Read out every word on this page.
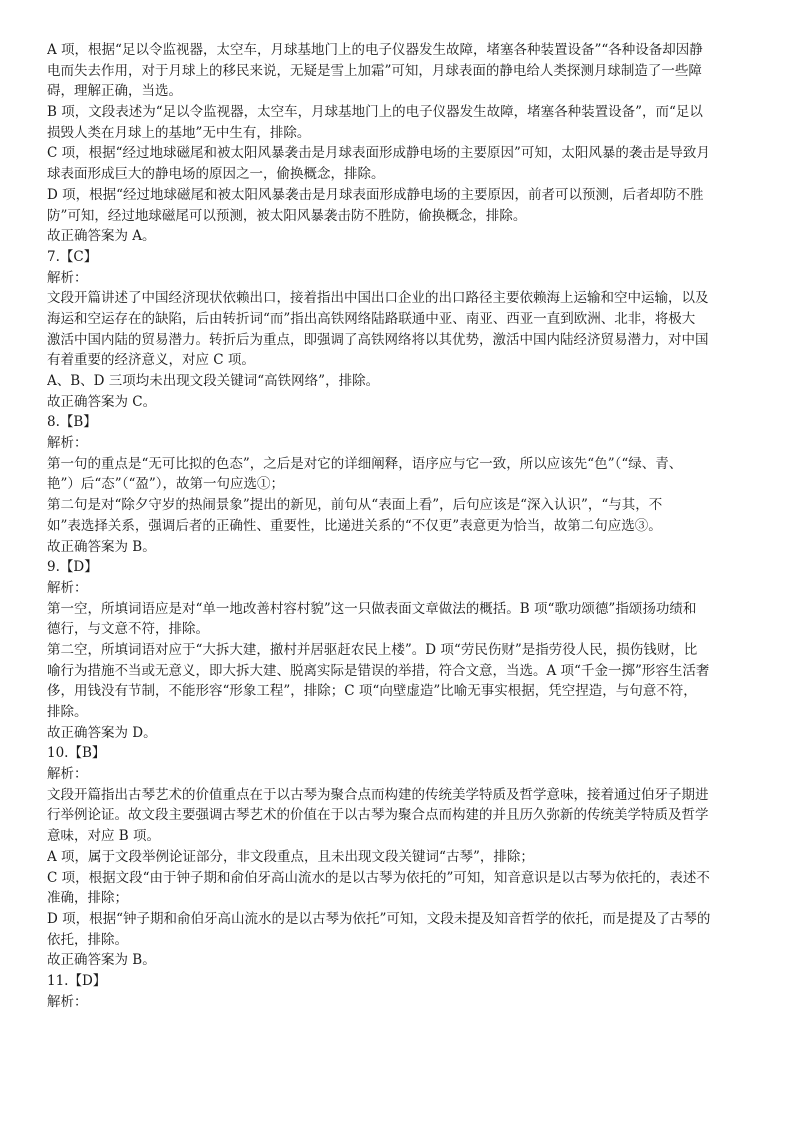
A 项，根据“足以令监视器，太空车，月球基地门上的电子仪器发生故障，堵塞各种装置设备”“各种设备却因静
电而失去作用，对于月球上的移民来说，无疑是雪上加霜”可知，月球表面的静电给人类探测月球制造了一些障
碍，理解正确，当选。
B 项，文段表述为“足以令监视器，太空车，月球基地门上的电子仪器发生故障，堵塞各种装置设备”，而“足以
损毁人类在月球上的基地”无中生有，排除。
C 项，根据“经过地球磁尾和被太阳风暴袭击是月球表面形成静电场的主要原因”可知，太阳风暴的袭击是导致月
球表面形成巨大的静电场的原因之一，偷换概念，排除。
D 项，根据“经过地球磁尾和被太阳风暴袭击是月球表面形成静电场的主要原因，前者可以预测，后者却防不胜
防”可知，经过地球磁尾可以预测，被太阳风暴袭击防不胜防，偷换概念，排除。
故正确答案为 A。
7.【C】
解析：
文段开篇讲述了中国经济现状依赖出口，接着指出中国出口企业的出口路径主要依赖海上运输和空中运输，以及
海运和空运存在的缺陷，后由转折词“而”指出高铁网络陆路联通中亚、南亚、西亚一直到欧洲、北非，将极大
激活中国内陆的贸易潜力。转折后为重点，即强调了高铁网络将以其优势，激活中国内陆经济贸易潜力，对中国
有着重要的经济意义，对应 C 项。
A、B、D 三项均未出现文段关键词“高铁网络”，排除。
故正确答案为 C。
8.【B】
解析：
第一句的重点是“无可比拟的色态”，之后是对它的详细阐释，语序应与它一致，所以应该先“色”（“绿、青、
艳”）后“态”（“盈”），故第一句应选①；
第二句是对“除夕守岁的热闹景象”提出的新见，前句从“表面上看”，后句应该是“深入认识”，“与其，不
如”表选择关系，强调后者的正确性、重要性，比递进关系的“不仅更”表意更为恰当，故第二句应选③。
故正确答案为 B。
9.【D】
解析：
第一空，所填词语应是对“单一地改善村容村貌”这一只做表面文章做法的概括。B 项“歌功颂德”指颂扬功绩和
德行，与文意不符，排除。
第二空，所填词语对应于“大拆大建，撤村并居驱赶农民上楼”。D 项“劳民伤财”是指劳役人民，损伤钱财，比
喻行为措施不当或无意义，即大拆大建、脱离实际是错误的举措，符合文意，当选。A 项“千金一掷”形容生活奢
侈，用钱没有节制，不能形容“形象工程”，排除；C 项“向壁虚造”比喻无事实根据，凭空捏造，与句意不符，
排除。
故正确答案为 D。
10.【B】
解析：
文段开篇指出古琴艺术的价值重点在于以古琴为聚合点而构建的传统美学特质及哲学意味，接着通过伯牙子期进
行举例论证。故文段主要强调古琴艺术的价值在于以古琴为聚合点而构建的并且历久弥新的传统美学特质及哲学
意味，对应 B 项。
A 项，属于文段举例论证部分，非文段重点，且未出现文段关键词“古琴”，排除；
C 项，根据文段“由于钟子期和俞伯牙高山流水的是以古琴为依托的”可知，知音意识是以古琴为依托的，表述不
准确，排除；
D 项，根据“钟子期和俞伯牙高山流水的是以古琴为依托”可知，文段未提及知音哲学的依托，而是提及了古琴的
依托，排除。
故正确答案为 B。
11.【D】
解析：
